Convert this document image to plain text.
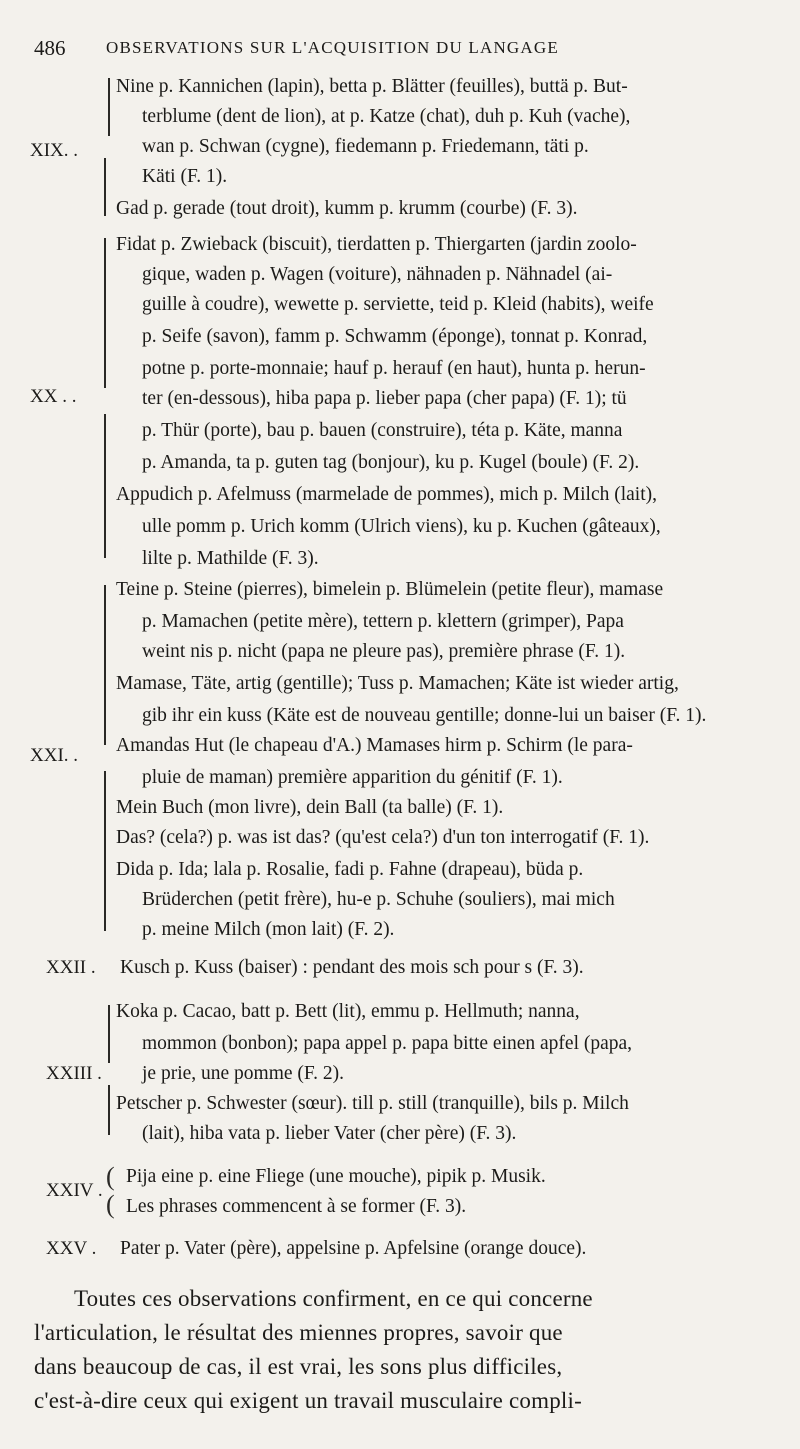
486 OBSERVATIONS SUR L'ACQUISITION DU LANGAGE
XIX. .
Nine p. Kannichen (lapin), betta p. Blätter (feuilles), buttä p. But-
terblume (dent de lion), at p. Katze (chat), duh p. Kuh (vache),
wan p. Schwan (cygne), fiedemann p. Friedemann, täti p.
Käti (F. 1).
Gad p. gerade (tout droit), kumm p. krumm (courbe) (F. 3).
XX . .
Fidat p. Zwieback (biscuit), tierdatten p. Thiergarten (jardin zoolo-
gique, waden p. Wagen (voiture), nähnaden p. Nähnadel (ai-
guille à coudre), wewette p. serviette, teid p. Kleid (habits), weife
p. Seife (savon), famm p. Schwamm (éponge), tonnat p. Konrad,
potne p. porte-monnaie; hauf p. herauf (en haut), hunta p. herun-
ter (en-dessous), hiba papa p. lieber papa (cher papa) (F. 1); tü
p. Thür (porte), bau p. bauen (construire), téta p. Käte, manna
p. Amanda, ta p. guten tag (bonjour), ku p. Kugel (boule) (F. 2).
Appudich p. Afelmuss (marmelade de pommes), mich p. Milch (lait),
ulle pomm p. Urich komm (Ulrich viens), ku p. Kuchen (gâteaux),
lilte p. Mathilde (F. 3).
XXI. .
Teine p. Steine (pierres), bimelein p. Blümelein (petite fleur), mamase
p. Mamachen (petite mère), tettern p. klettern (grimper), Papa
weint nis p. nicht (papa ne pleure pas), première phrase (F. 1).
Mamase, Täte, artig (gentille); Tuss p. Mamachen; Käte ist wieder artig,
gib ihr ein kuss (Käte est de nouveau gentille; donne-lui un baiser (F. 1).
Amandas Hut (le chapeau d'A.) Mamases hirm p. Schirm (le para-
pluie de maman) première apparition du génitif (F. 1).
Mein Buch (mon livre), dein Ball (ta balle) (F. 1).
Das? (cela?) p. was ist das? (qu'est cela?) d'un ton interrogatif (F. 1).
Dida p. Ida; lala p. Rosalie, fadi p. Fahne (drapeau), büda p.
Brüderchen (petit frère), hu-e p. Schuhe (souliers), mai mich
p. meine Milch (mon lait) (F. 2).
XXII . Kusch p. Kuss (baiser) : pendant des mois sch pour s (F. 3).
XXIII .
Koka p. Cacao, batt p. Bett (lit), emmu p. Hellmuth; nanna,
mommon (bonbon); papa appel p. papa bitte einen apfel (papa,
je prie, une pomme (F. 2).
Petscher p. Schwester (sœur). till p. still (tranquille), bils p. Milch
(lait), hiba vata p. lieber Vater (cher père) (F. 3).
XXIV . (
(
Pija eine p. eine Fliege (une mouche), pipik p. Musik.
Les phrases commencent à se former (F. 3).
XXV . Pater p. Vater (père), appelsine p. Apfelsine (orange douce).
Toutes ces observations confirment, en ce qui concerne
l'articulation, le résultat des miennes propres, savoir que
dans beaucoup de cas, il est vrai, les sons plus difficiles,
c'est-à-dire ceux qui exigent un travail musculaire compli-
